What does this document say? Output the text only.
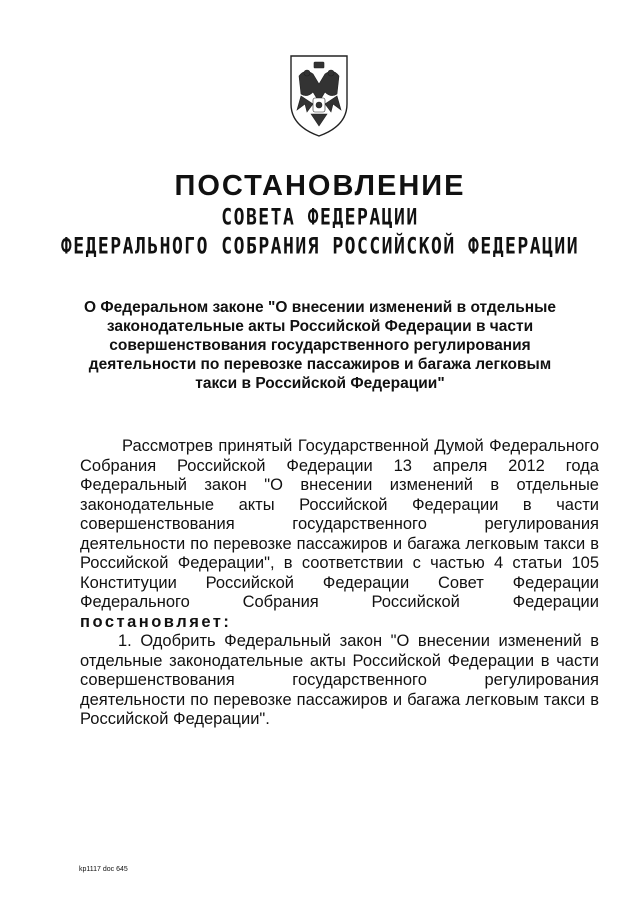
ПОСТАНОВЛЕНИЕ
СОВЕТА ФЕДЕРАЦИИ
ФЕДЕРАЛЬНОГО СОБРАНИЯ РОССИЙСКОЙ ФЕДЕРАЦИИ
О Федеральном законе "О внесении изменений в отдельные законодательные акты Российской Федерации в части совершенствования государственного регулирования деятельности по перевозке пассажиров и багажа легковым такси в Российской Федерации"
Рассмотрев принятый Государственной Думой Федерального Собрания Российской Федерации 13 апреля 2012 года Федеральный закон "О внесении изменений в отдельные законодательные акты Российской Федерации в части совершенствования государственного регулирования деятельности по перевозке пассажиров и багажа легковым такси в Российской Федерации", в соответствии с частью 4 статьи 105 Конституции Российской Федерации Совет Федерации Федерального Собрания Российской Федерации постановляет:
1. Одобрить Федеральный закон "О внесении изменений в отдельные законодательные акты Российской Федерации в части совершенствования государственного регулирования деятельности по перевозке пассажиров и багажа легковым такси в Российской Федерации".
kp1117 doc 645
